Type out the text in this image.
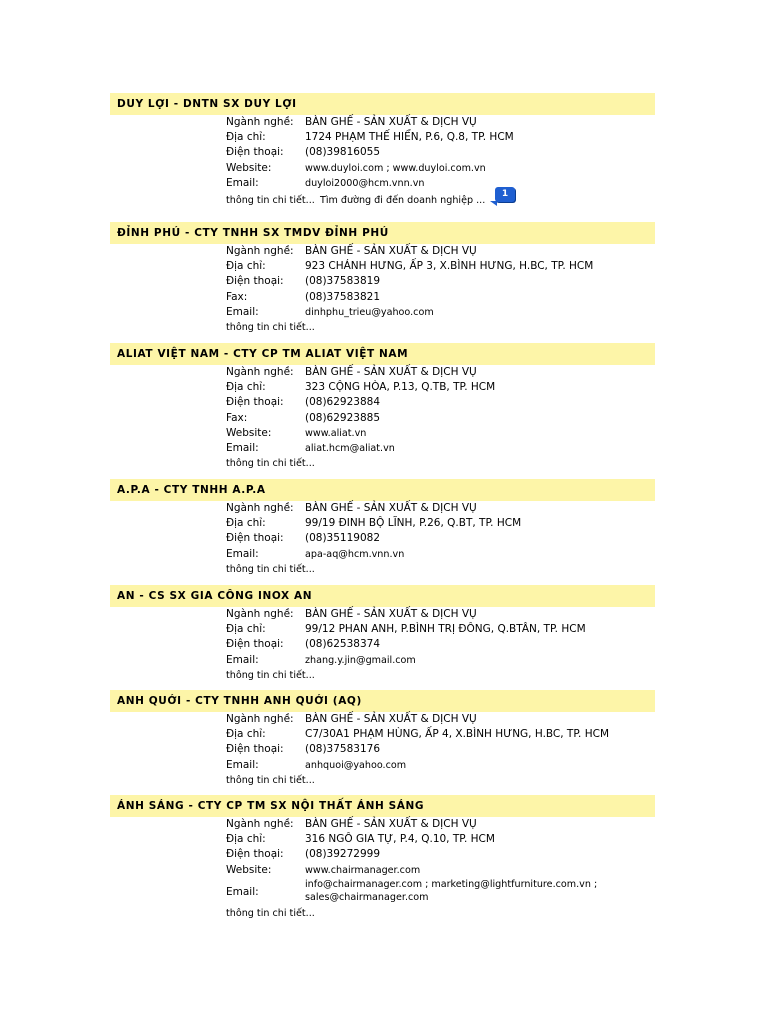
DUY LỢI - DNTN SX DUY LỢI
Ngành nghề: BÀN GHẾ - SẢN XUẤT & DỊCH VỤ
Địa chỉ:	1724 PHẠM THẾ HIỂN, P.6, Q.8, TP. HCM
Điện thoại: (08)39816055
Website:	www.duyloi.com ; www.duyloi.com.vn
Email:	duyloi2000@hcm.vnn.vn
thông tin chi tiết... Tìm đường đi đến doanh nghiệp ...
1
ĐỈNH PHÚ - CTY TNHH SX TMDV ĐỈNH PHÚ
Ngành nghề: BÀN GHẾ - SẢN XUẤT & DỊCH VỤ
Địa chỉ:	923 CHÁNH HƯNG, ẤP 3, X.BÌNH HƯNG, H.BC, TP. HCM
Điện thoại: (08)37583819
Fax:	(08)37583821
Email:	dinhphu_trieu@yahoo.com
thông tin chi tiết...
ALIAT VIỆT NAM - CTY CP TM ALIAT VIỆT NAM
Ngành nghề: BÀN GHẾ - SẢN XUẤT & DỊCH VỤ
Địa chỉ:	323 CỘNG HÒA, P.13, Q.TB, TP. HCM
Điện thoại: (08)62923884
Fax:	(08)62923885
Website:	www.aliat.vn
Email:	aliat.hcm@aliat.vn
thông tin chi tiết...
A.P.A - CTY TNHH A.P.A
Ngành nghề: BÀN GHẾ - SẢN XUẤT & DỊCH VỤ
Địa chỉ:	99/19 ĐINH BỘ LĨNH, P.26, Q.BT, TP. HCM
Điện thoại: (08)35119082
Email:	apa-aq@hcm.vnn.vn
thông tin chi tiết...
AN - CS SX GIA CÔNG INOX AN
Ngành nghề: BÀN GHẾ - SẢN XUẤT & DỊCH VỤ
Địa chỉ:	99/12 PHAN ANH, P.BÌNH TRỊ ĐÔNG, Q.BTÂN, TP. HCM
Điện thoại: (08)62538374
Email:	zhang.y.jin@gmail.com
thông tin chi tiết...
ANH QUỚI - CTY TNHH ANH QUỚI (AQ)
Ngành nghề: BÀN GHẾ - SẢN XUẤT & DỊCH VỤ
Địa chỉ:	C7/30A1 PHẠM HÙNG, ẤP 4, X.BÌNH HƯNG, H.BC, TP. HCM
Điện thoại: (08)37583176
Email:	anhquoi@yahoo.com
thông tin chi tiết...
ÁNH SÁNG - CTY CP TM SX NỘI THẤT ÁNH SÁNG
Ngành nghề: BÀN GHẾ - SẢN XUẤT & DỊCH VỤ
Địa chỉ:	316 NGÔ GIA TỰ, P.4, Q.10, TP. HCM
Điện thoại: (08)39272999
Website:	www.chairmanager.com
Email:
info@chairmanager.com ; marketing@lightfurniture.com.vn ; sales@chairmanager.com
thông tin chi tiết...
